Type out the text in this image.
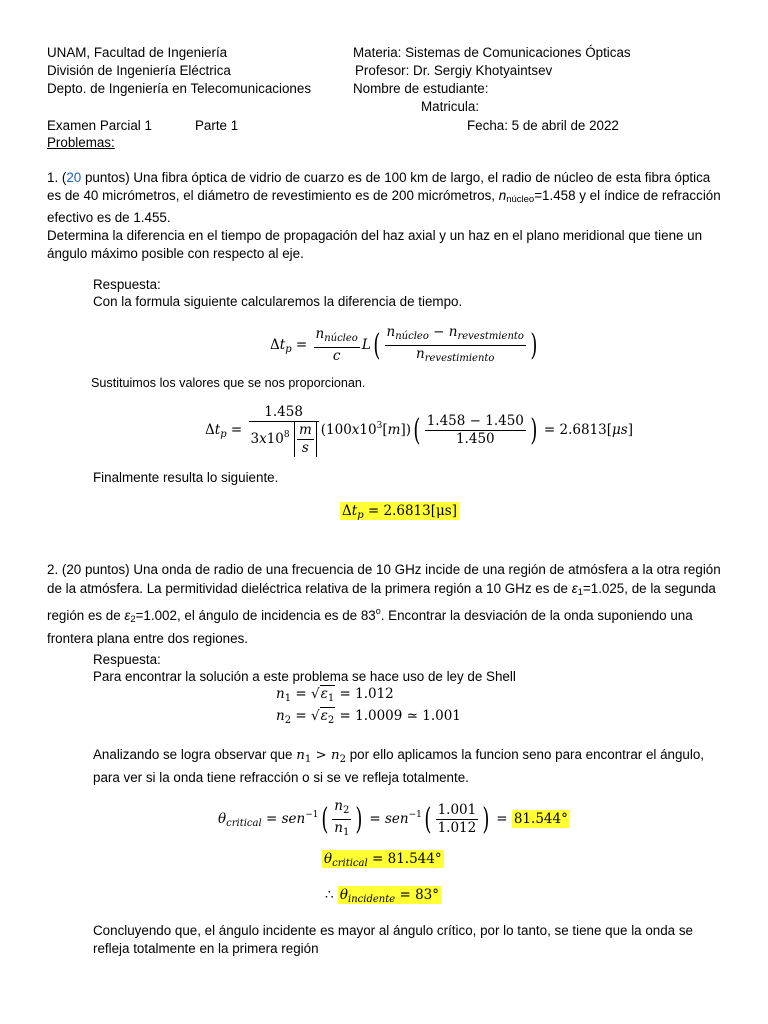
UNAM, Facultad de Ingeniería
División de Ingeniería Eléctrica
Depto. de Ingeniería en Telecomunicaciones
Materia: Sistemas de Comunicaciones Ópticas
Profesor: Dr. Sergiy Khotyaintsev
Nombre de estudiante:
Matricula:
Examen Parcial 1	Parte 1	Fecha: 5 de abril de 2022
Problemas:
1. (20 puntos) Una fibra óptica de vidrio de cuarzo es de 100 km de largo, el radio de núcleo de esta fibra óptica es de 40 micrómetros, el diámetro de revestimiento es de 200 micrómetros, nnúcleo=1.458 y el índice de refracción efectivo es de 1.455.
Determina la diferencia en el tiempo de propagación del haz axial y un haz en el plano meridional que tiene un ángulo máximo posible con respecto al eje.
Respuesta:
Con la formula siguiente calcularemos la diferencia de tiempo.
$\Delta t_p = \frac{n_{núcleo}}{c} L( \frac{n_{núcleo} - n_{revestmiento}}{n_{revestimiento}}$ )
Sustituimos los valores que se nos proporcionan.
$\Delta t_p = \frac{1.458}{3x10^8 \frac{m}{s}} (100x10^3[m])( \frac{1.458 - 1.450}{1.450}$ ) = 2.6813[μs]
Finalmente resulta lo siguiente.
$\Delta t_p = 2.6813[\mu s]$
2. (20 puntos) Una onda de radio de una frecuencia de 10 GHz incide de una región de atmósfera a la otra región de la atmósfera. La permitividad dieléctrica relativa de la primera región a 10 GHz es de ε1=1.025, de la segunda región es de ε2=1.002, el ángulo de incidencia es de 83$^o$. Encontrar la desviación de la onda suponiendo una frontera plana entre dos regiones.
Respuesta:
Para encontrar la solución a este problema se hace uso de ley de Shell
$n_1 = √\varepsilon_1 = 1.012$
$n_2 = √\varepsilon_2 = 1.0009$ ≃ 1.001
Analizando se logra observar que $n_1 > n_2$ por ello aplicamos la funcion seno para encontrar el ángulo, para ver si la onda tiene refracción o si se ve refleja totalmente.
$\theta_{critical} = sen^{-1}( \frac{n_2}{n_1}$ ) = $sen^{-1}( \frac{1.001}{1.012}$ ) = 81.544°
$\theta_{critical} = 81.544^\circ$
∴ $\theta_{incidente} = 83^\circ$
Concluyendo que, el ángulo incidente es mayor al ángulo crítico, por lo tanto, se tiene que la onda se refleja totalmente en la primera región
